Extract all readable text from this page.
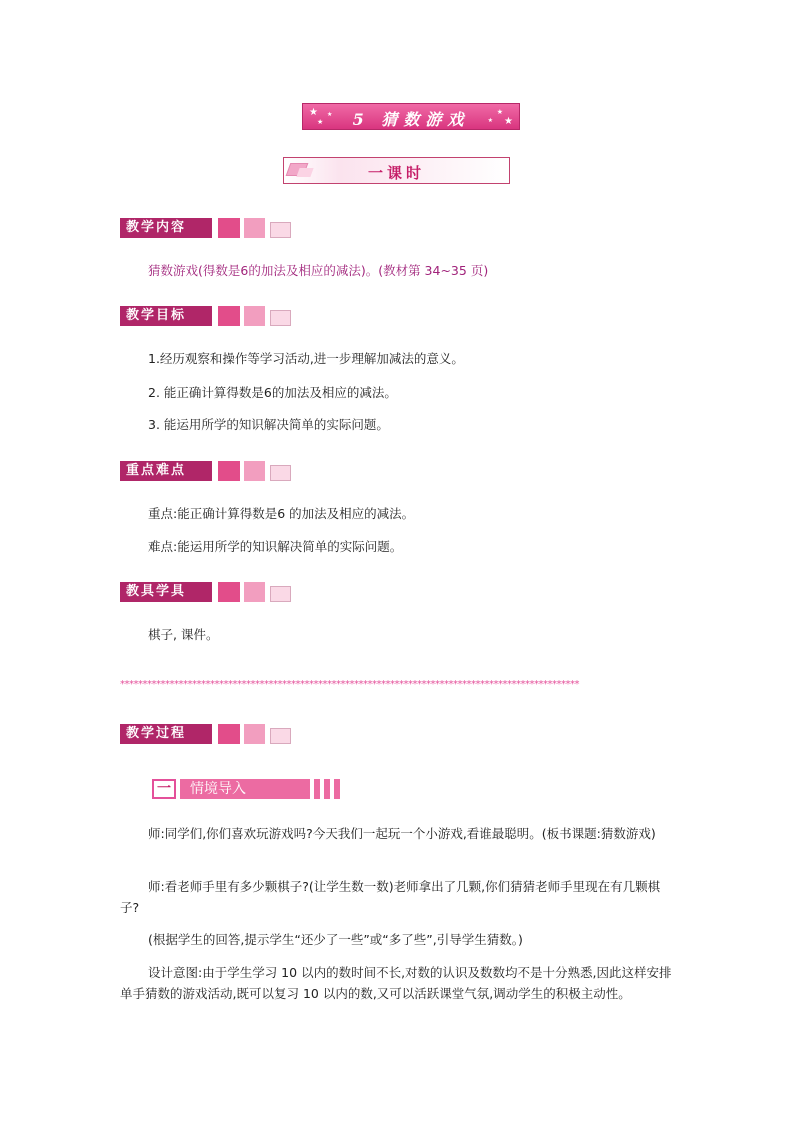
★
★
★
★
★
★
5 猜数游戏
一课时
教学内容
猜数游戏(得数是6的加法及相应的减法)。(教材第 34~35 页)
教学目标
1.经历观察和操作等学习活动,进一步理解加减法的意义。
2. 能正确计算得数是6的加法及相应的减法。
3. 能运用所学的知识解决简单的实际问题。
重点难点
重点:能正确计算得数是6 的加法及相应的减法。
难点:能运用所学的知识解决简单的实际问题。
教具学具
棋子, 课件。
******************************************************************************************************
教学过程
一	情境导入
师:同学们,你们喜欢玩游戏吗?今天我们一起玩一个小游戏,看谁最聪明。(板书课题:猜数游戏)
师:看老师手里有多少颗棋子?(让学生数一数)老师拿出了几颗,你们猜猜老师手里现在有几颗棋子?
(根据学生的回答,提示学生“还少了一些”或“多了些”,引导学生猜数。)
设计意图:由于学生学习 10 以内的数时间不长,对数的认识及数数均不是十分熟悉,因此这样安排单手猜数的游戏活动,既可以复习 10 以内的数,又可以活跃课堂气氛,调动学生的积极主动性。
